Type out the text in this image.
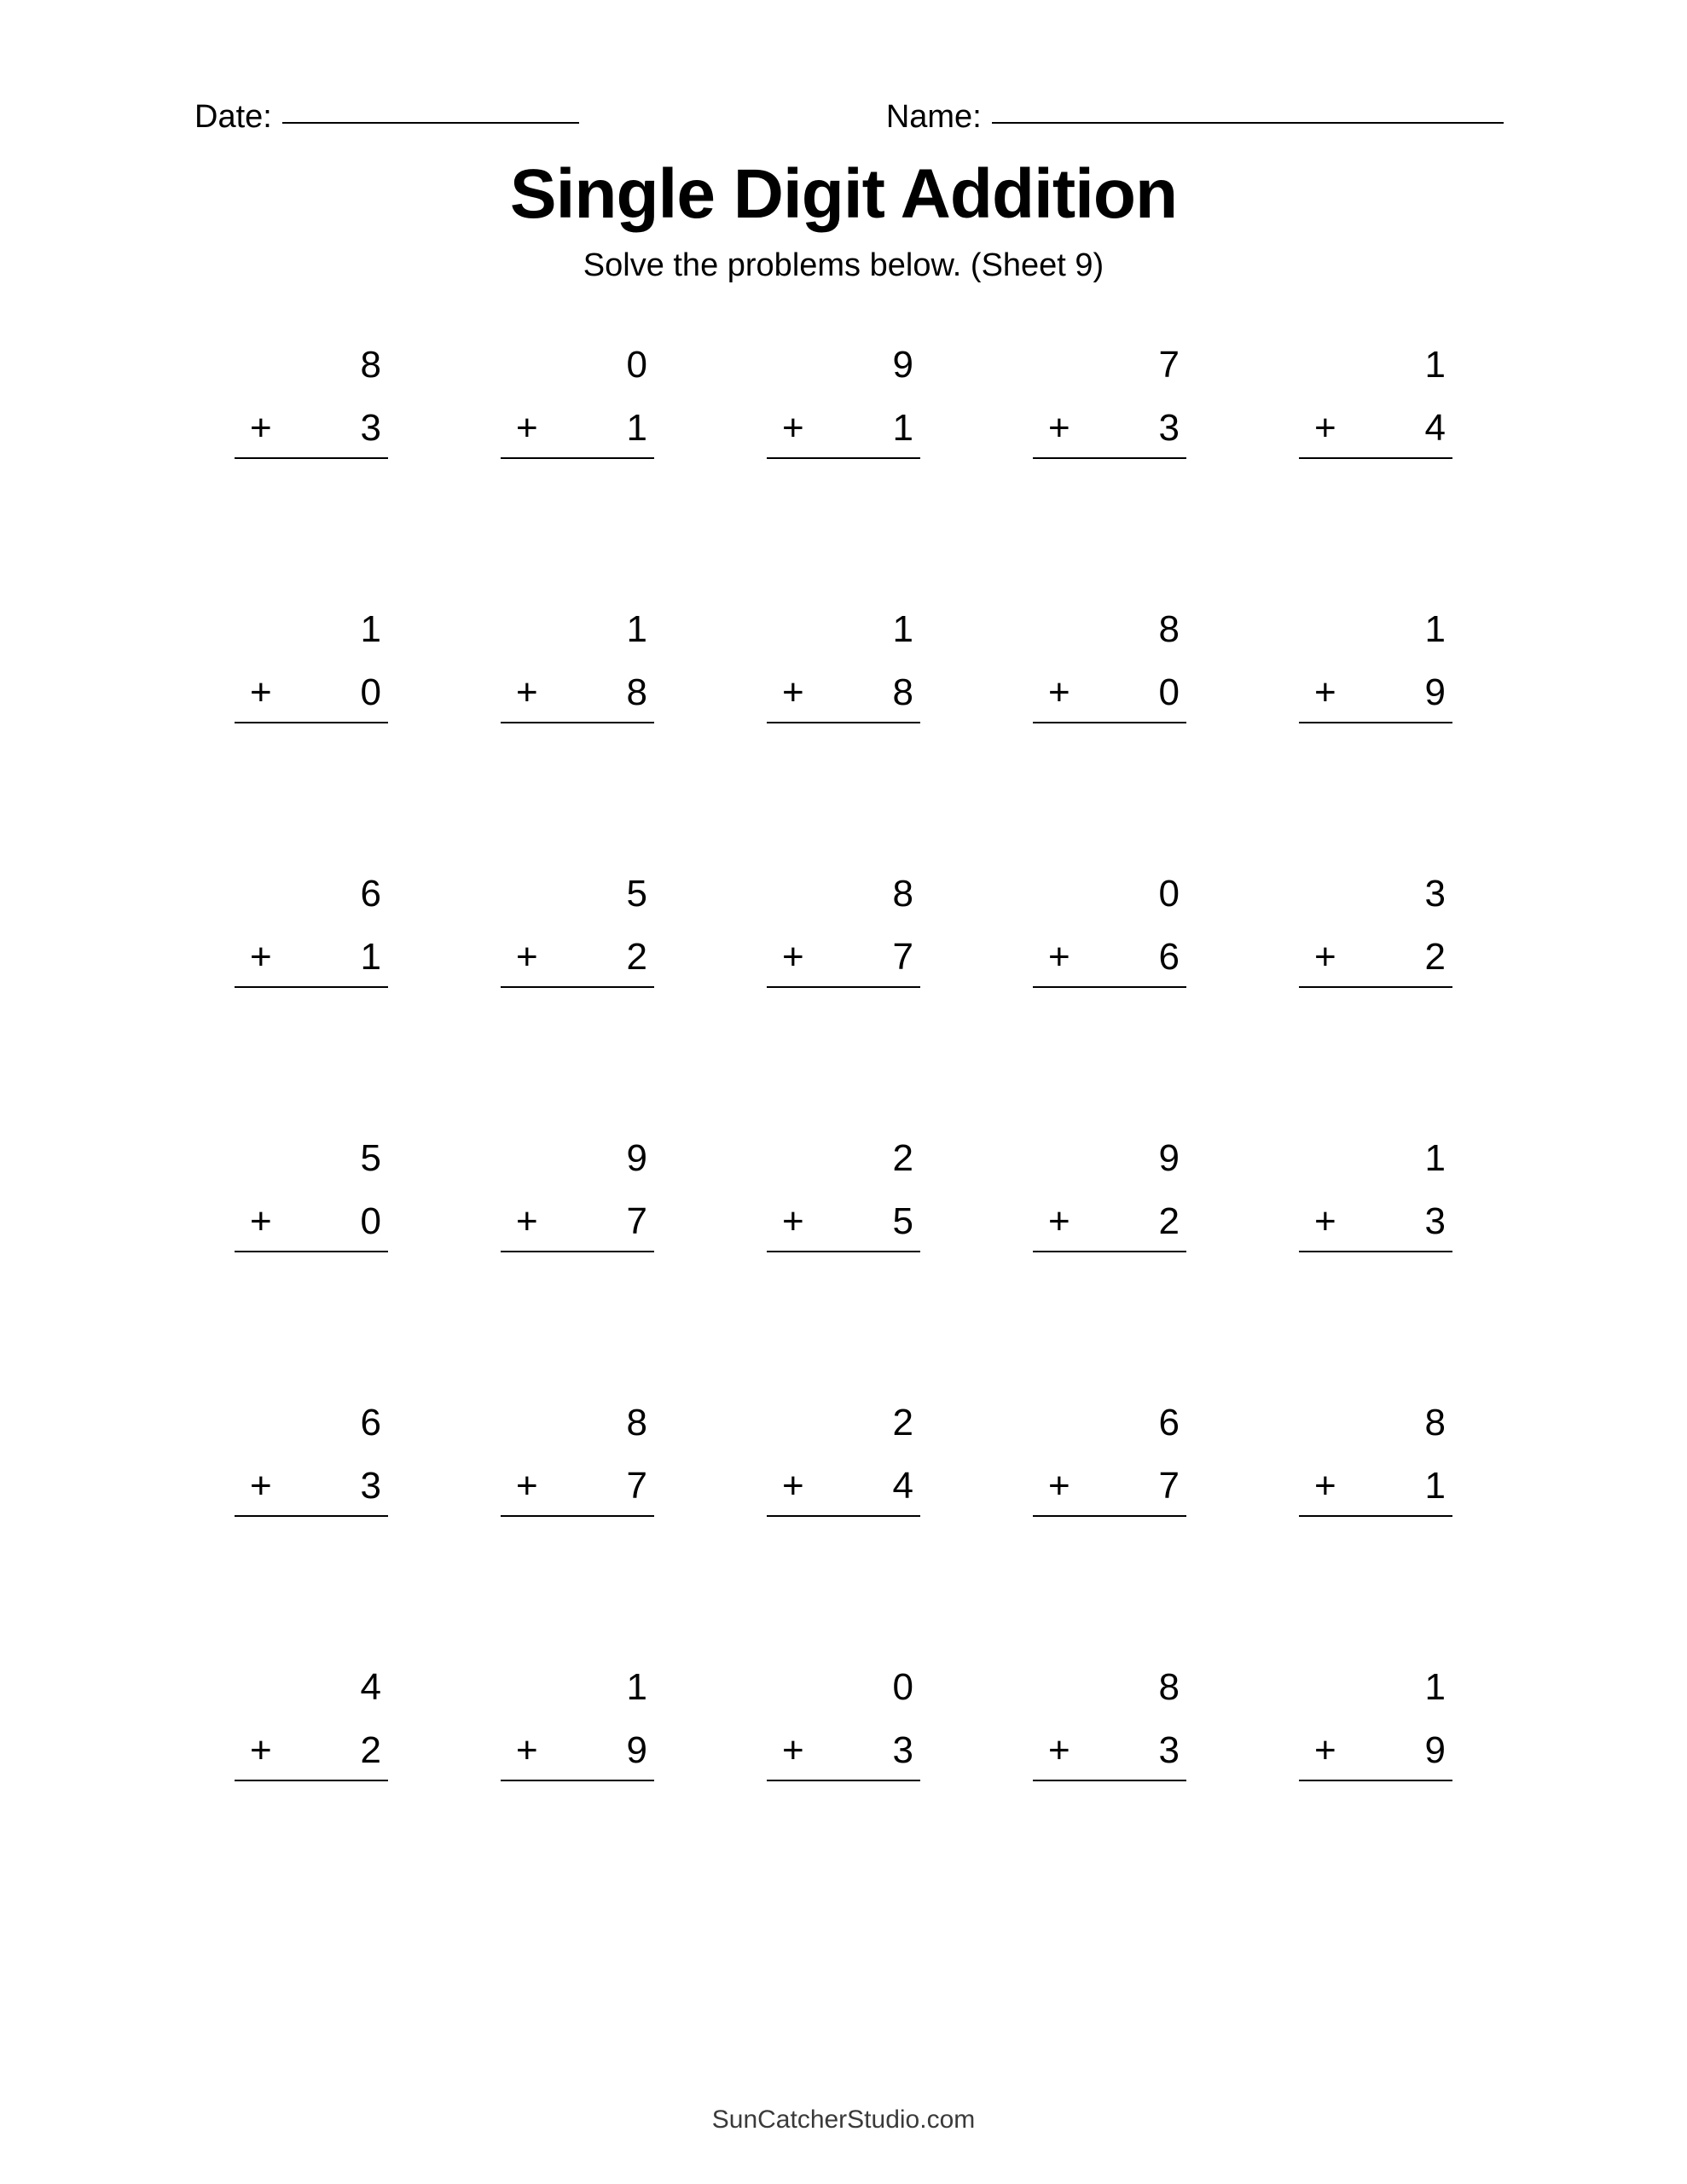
Date:	Name:
Single Digit Addition

Solve the problems below. (Sheet 9)

8
+ 3
0
+ 1
9
+ 1
7
+ 3
1
+ 4
1
+ 0
1
+ 8
1
+ 8
8
+ 0
1
+ 9
6
+ 1
5
+ 2
8
+ 7
0
+ 6
3
+ 2
5
+ 0
9
+ 7
2
+ 5
9
+ 2
1
+ 3
6
+ 3
8
+ 7
2
+ 4
6
+ 7
8
+ 1
4
+ 2
1
+ 9
0
+ 3
8
+ 3
1
+ 9
SunCatcherStudio.com
